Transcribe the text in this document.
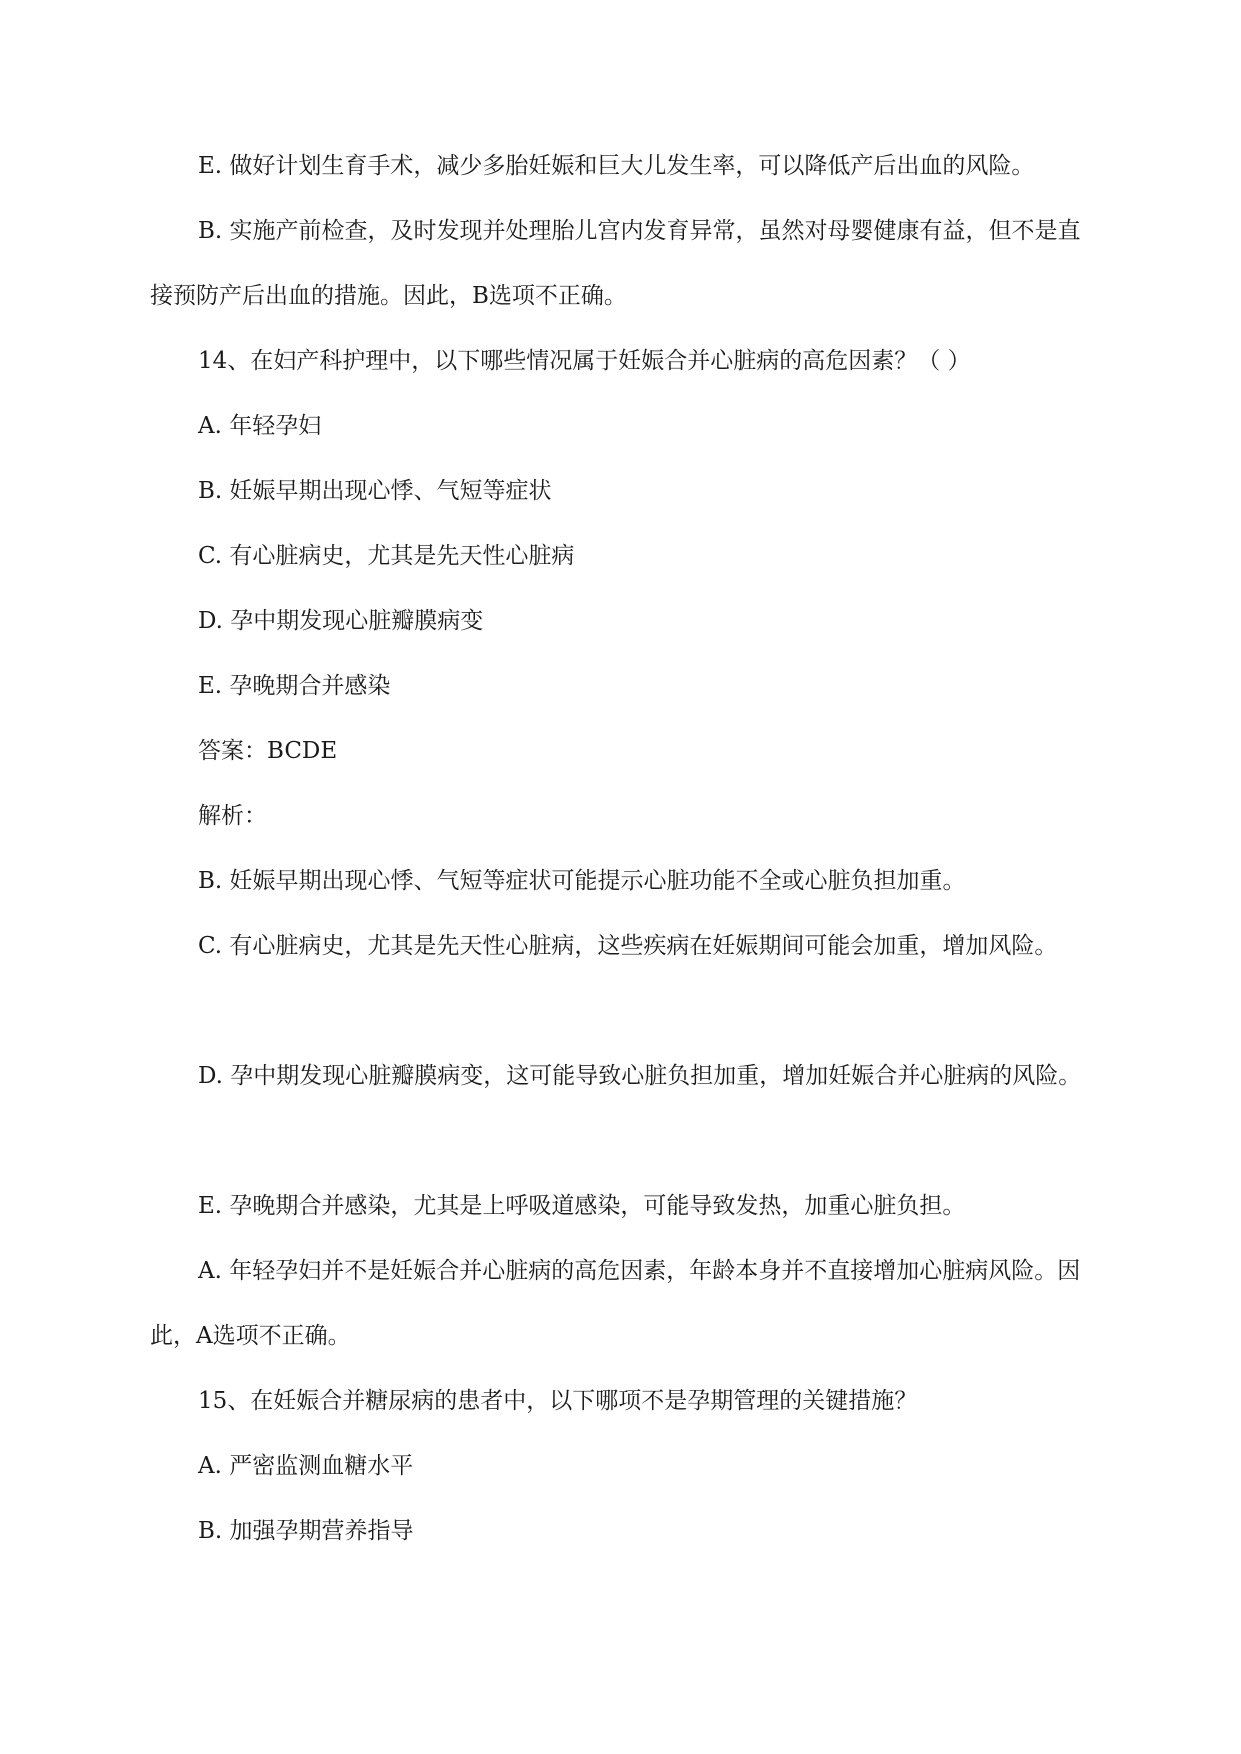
E. 做好计划生育手术，减少多胎妊娠和巨大儿发生率，可以降低产后出血的风险。

B. 实施产前检查，及时发现并处理胎儿宫内发育异常，虽然对母婴健康有益，但不是直接预防产后出血的措施。因此，B选项不正确。

14、在妇产科护理中，以下哪些情况属于妊娠合并心脏病的高危因素？（ ）

A. 年轻孕妇

B. 妊娠早期出现心悸、气短等症状

C. 有心脏病史，尤其是先天性心脏病

D. 孕中期发现心脏瓣膜病变

E. 孕晚期合并感染

答案：BCDE

解析：

B. 妊娠早期出现心悸、气短等症状可能提示心脏功能不全或心脏负担加重。

C. 有心脏病史，尤其是先天性心脏病，这些疾病在妊娠期间可能会加重，增加风险。

D. 孕中期发现心脏瓣膜病变，这可能导致心脏负担加重，增加妊娠合并心脏病的风险。

E. 孕晚期合并感染，尤其是上呼吸道感染，可能导致发热，加重心脏负担。

A. 年轻孕妇并不是妊娠合并心脏病的高危因素，年龄本身并不直接增加心脏病风险。因此，A选项不正确。

15、在妊娠合并糖尿病的患者中，以下哪项不是孕期管理的关键措施？

A. 严密监测血糖水平

B. 加强孕期营养指导
